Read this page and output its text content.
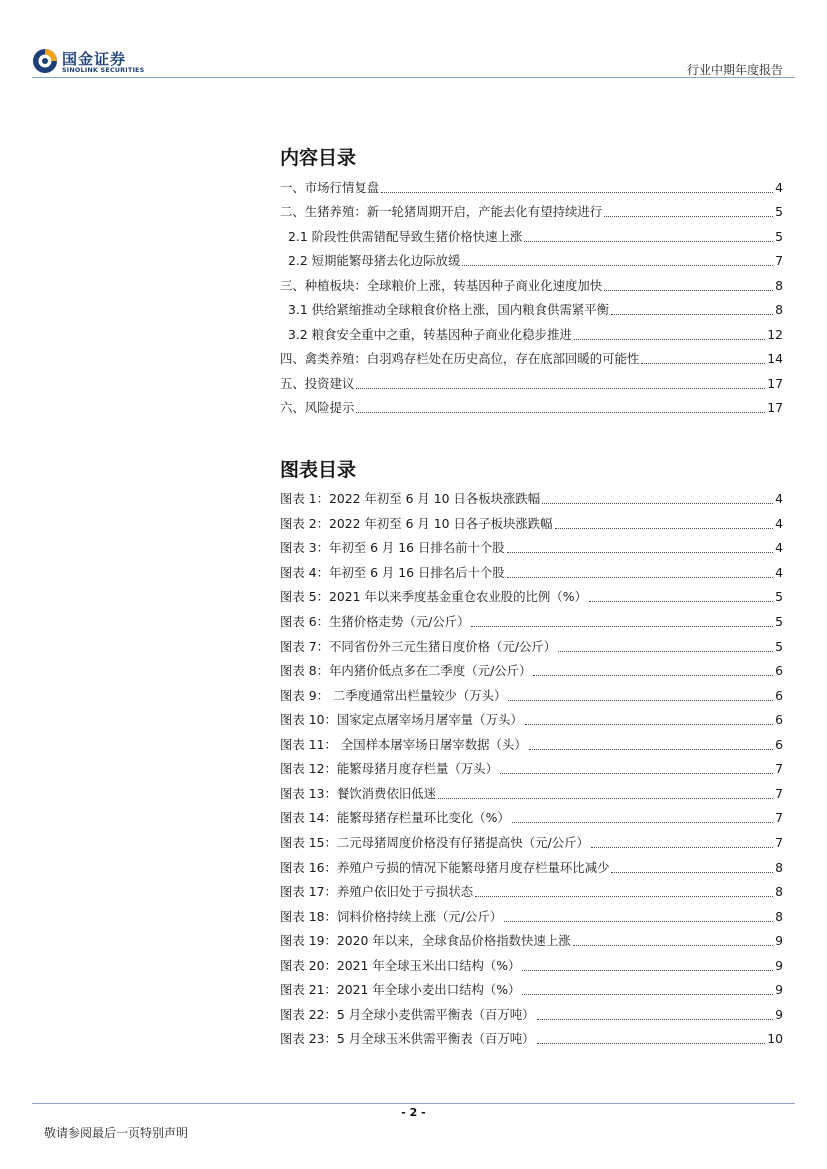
国金证券
SINOLINK SECURITIES	行业中期年度报告
内容目录
一、市场行情复盘	4
二、生猪养殖：新一轮猪周期开启，产能去化有望持续进行	5
2.1 阶段性供需错配导致生猪价格快速上涨	5
2.2 短期能繁母猪去化边际放缓	7
三、种植板块：全球粮价上涨，转基因种子商业化速度加快	8
3.1 供给紧缩推动全球粮食价格上涨，国内粮食供需紧平衡	8
3.2 粮食安全重中之重，转基因种子商业化稳步推进	12
四、禽类养殖：白羽鸡存栏处在历史高位，存在底部回暖的可能性	14
五、投资建议	17
六、风险提示	17
图表目录
图表 1：2022 年初至 6 月 10 日各板块涨跌幅	4
图表 2：2022 年初至 6 月 10 日各子板块涨跌幅	4
图表 3：年初至 6 月 16 日排名前十个股	4
图表 4：年初至 6 月 16 日排名后十个股	4
图表 5：2021 年以来季度基金重仓农业股的比例（%）	5
图表 6：生猪价格走势（元/公斤）	5
图表 7：不同省份外三元生猪日度价格（元/公斤）	5
图表 8：年内猪价低点多在二季度（元/公斤）	6
图表 9： 二季度通常出栏量较少（万头）	6
图表 10：国家定点屠宰场月屠宰量（万头）	6
图表 11： 全国样本屠宰场日屠宰数据（头）	6
图表 12：能繁母猪月度存栏量（万头）	7
图表 13：餐饮消费依旧低迷	7
图表 14：能繁母猪存栏量环比变化（%）	7
图表 15：二元母猪周度价格没有仔猪提高快（元/公斤）	7
图表 16：养殖户亏损的情况下能繁母猪月度存栏量环比减少	8
图表 17：养殖户依旧处于亏损状态	8
图表 18：饲料价格持续上涨（元/公斤）	8
图表 19：2020 年以来，全球食品价格指数快速上涨	9
图表 20：2021 年全球玉米出口结构（%）	9
图表 21：2021 年全球小麦出口结构（%）	9
图表 22：5 月全球小麦供需平衡表（百万吨）	9
图表 23：5 月全球玉米供需平衡表（百万吨）	10
- 2 -
敬请参阅最后一页特别声明
